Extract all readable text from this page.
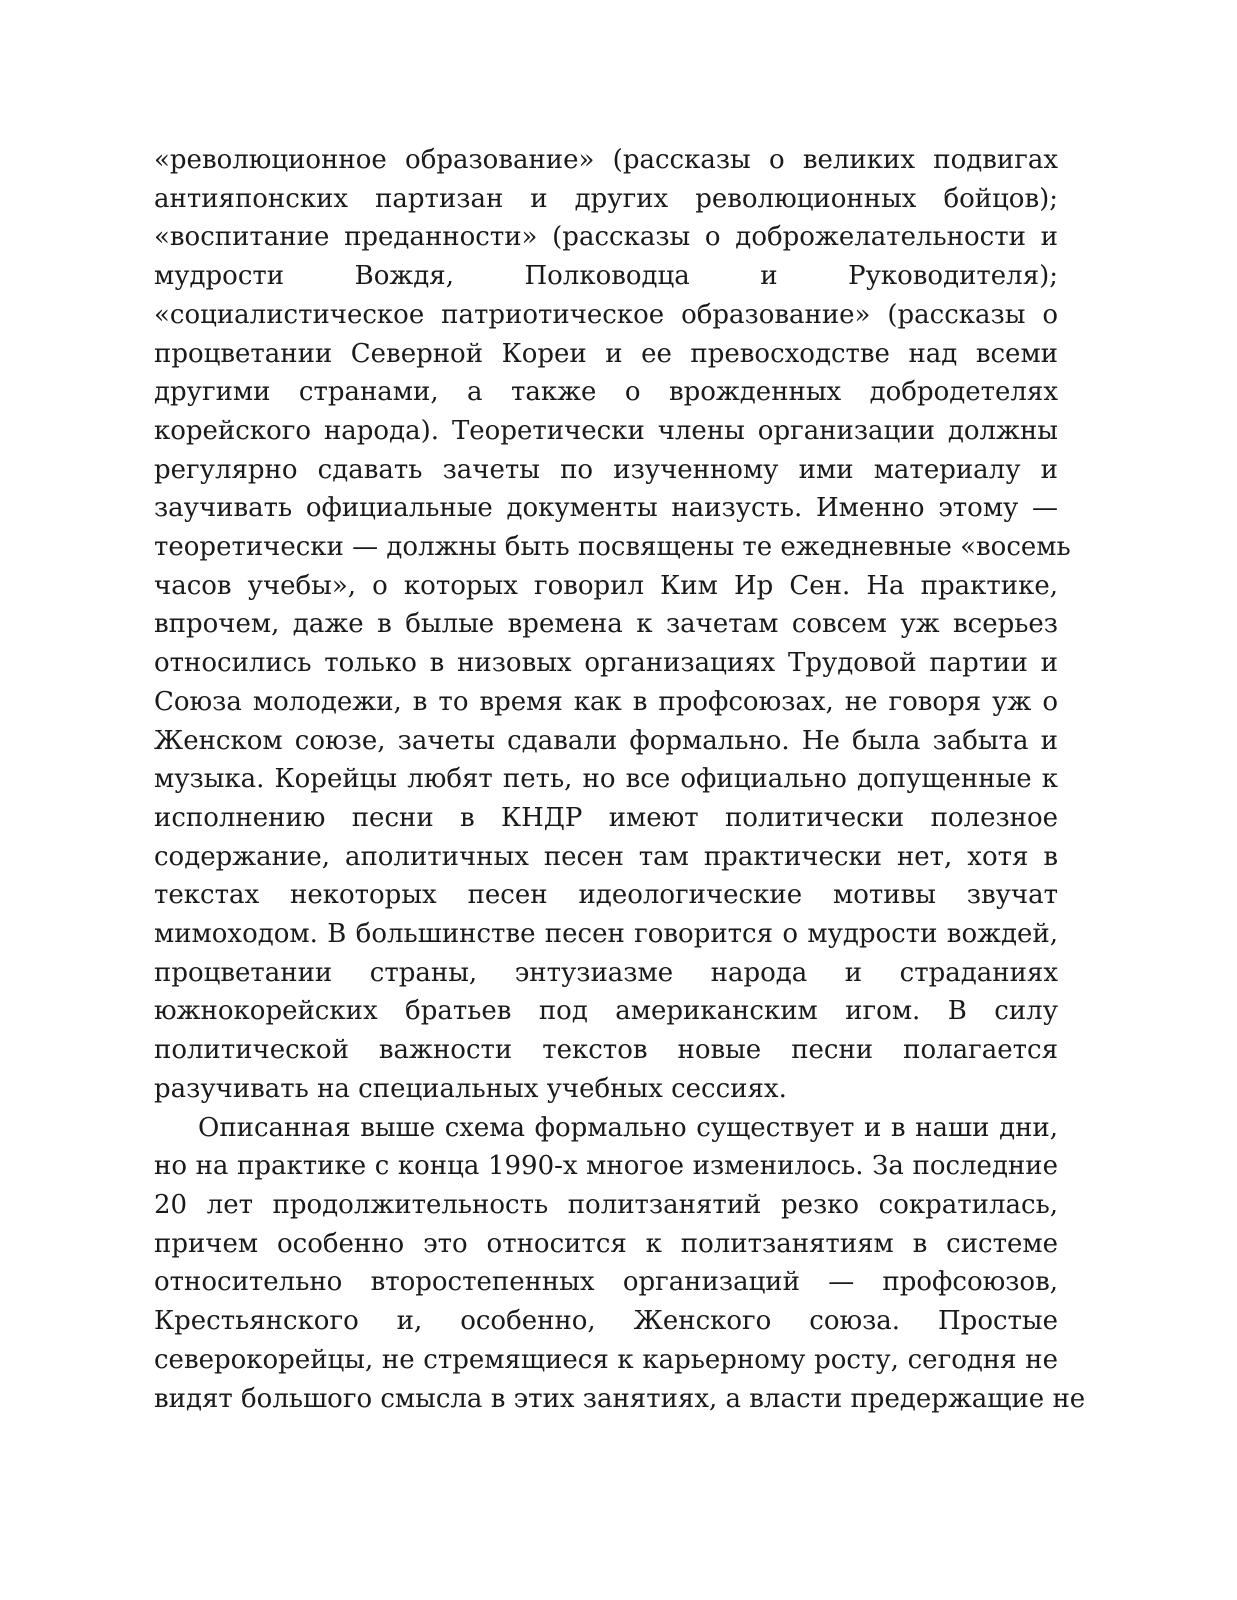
«революционное образование» (рассказы о великих подвигах
антияпонских партизан и других революционных бойцов);
«воспитание преданности» (рассказы о доброжелательности и
мудрости Вождя, Полководца и Руководителя);
«социалистическое патриотическое образование» (рассказы о
процветании Северной Кореи и ее превосходстве над всеми
другими странами, а также о врожденных добродетелях
корейского народа). Теоретически члены организации должны
регулярно сдавать зачеты по изученному ими материалу и
заучивать официальные документы наизусть. Именно этому —
теоретически — должны быть посвящены те ежедневные «восемь
часов учебы», о которых говорил Ким Ир Сен. На практике,
впрочем, даже в былые времена к зачетам совсем уж всерьез
относились только в низовых организациях Трудовой партии и
Союза молодежи, в то время как в профсоюзах, не говоря уж о
Женском союзе, зачеты сдавали формально. Не была забыта и
музыка. Корейцы любят петь, но все официально допущенные к
исполнению песни в КНДР имеют политически полезное
содержание, аполитичных песен там практически нет, хотя в
текстах некоторых песен идеологические мотивы звучат
мимоходом. В большинстве песен говорится о мудрости вождей,
процветании страны, энтузиазме народа и страданиях
южнокорейских братьев под американским игом. В силу
политической важности текстов новые песни полагается
разучивать на специальных учебных сессиях.
Описанная выше схема формально существует и в наши дни,
но на практике с конца 1990-х многое изменилось. За последние
20 лет продолжительность политзанятий резко сократилась,
причем особенно это относится к политзанятиям в системе
относительно второстепенных организаций — профсоюзов,
Крестьянского и, особенно, Женского союза. Простые
северокорейцы, не стремящиеся к карьерному росту, сегодня не
видят большого смысла в этих занятиях, а власти предержащие не
